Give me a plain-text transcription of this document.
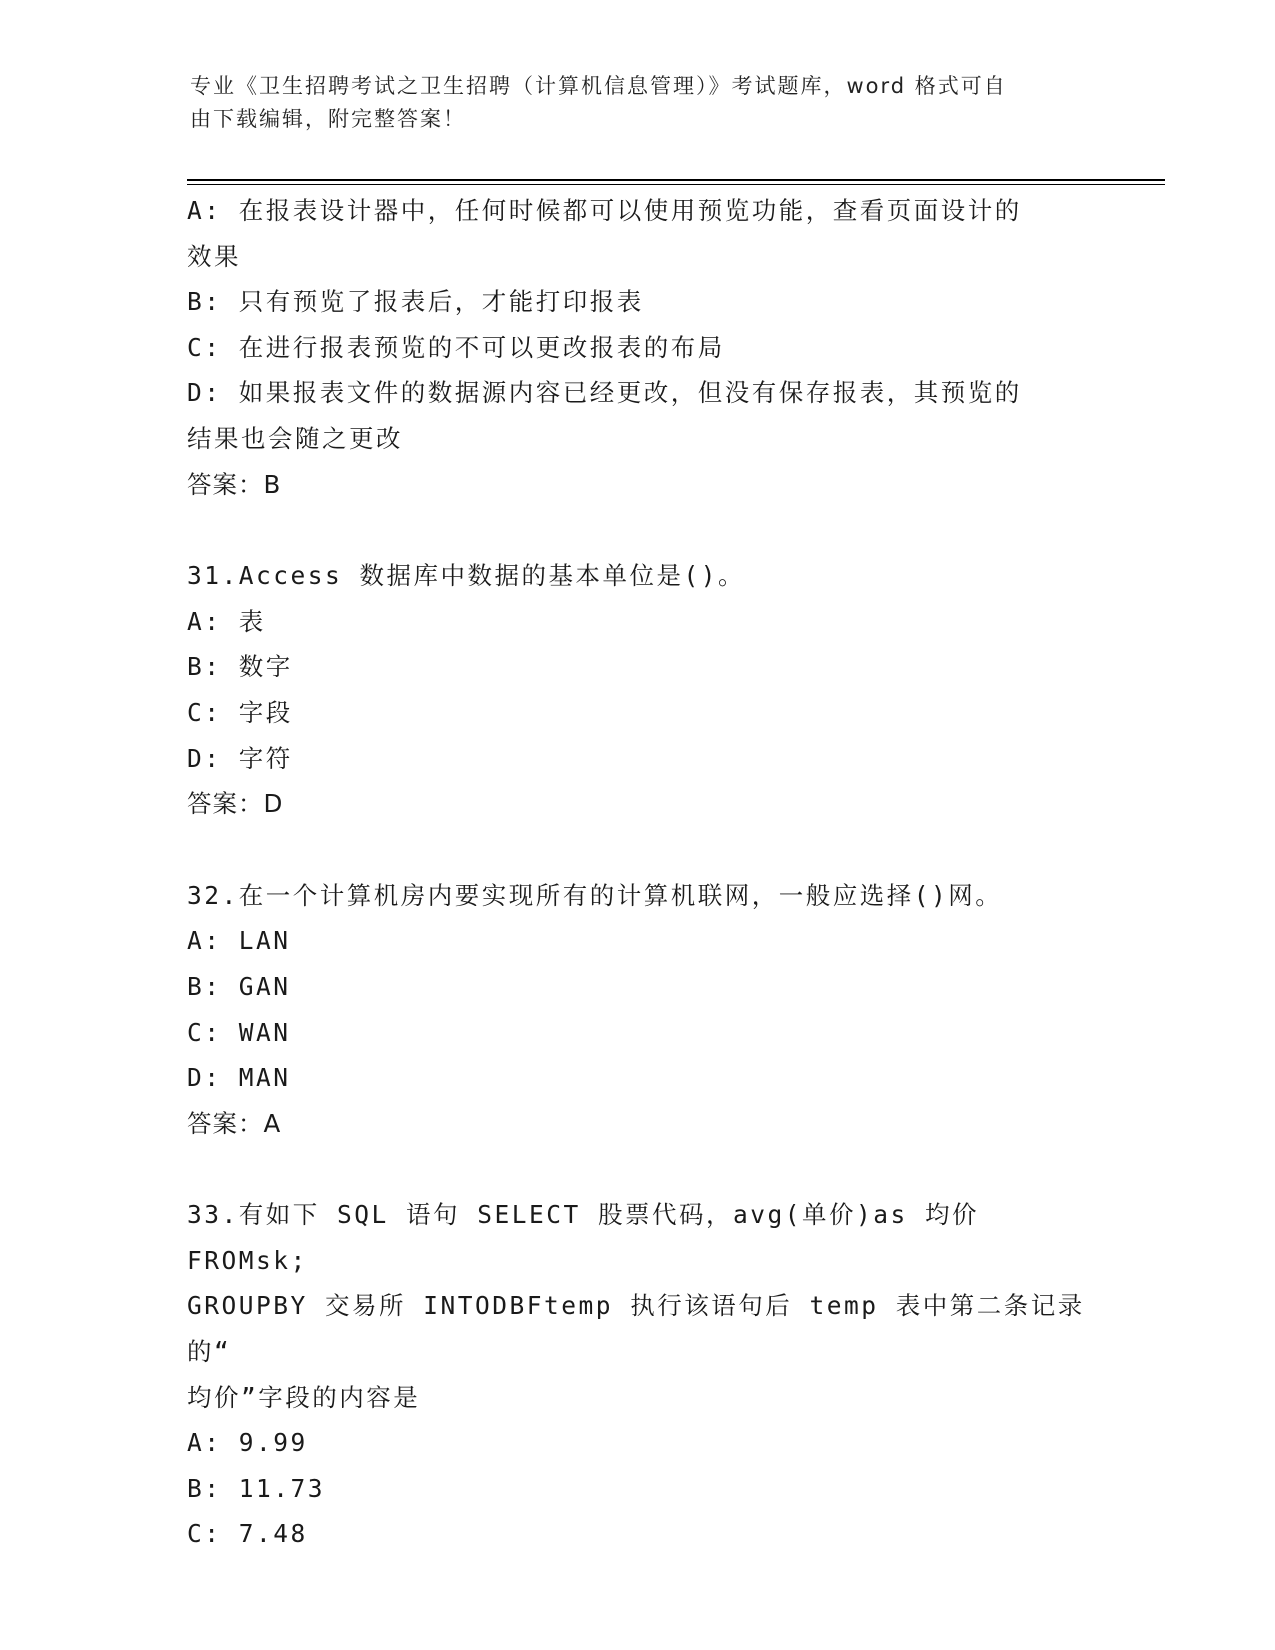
专业《卫生招聘考试之卫生招聘（计算机信息管理）》考试题库，word 格式可自
由下载编辑，附完整答案！
A: 在报表设计器中，任何时候都可以使用预览功能，查看页面设计的
效果
B: 只有预览了报表后，才能打印报表
C: 在进行报表预览的不可以更改报表的布局
D: 如果报表文件的数据源内容已经更改，但没有保存报表，其预览的
结果也会随之更改
答案：B
31.Access 数据库中数据的基本单位是()。
A: 表
B: 数字
C: 字段
D: 字符
答案：D
32.在一个计算机房内要实现所有的计算机联网，一般应选择()网。
A: LAN
B: GAN
C: WAN
D: MAN
答案：A
33.有如下 SQL 语句 SELECT 股票代码，avg(单价)as 均价 FROMsk;
GROUPBY 交易所 INTODBFtemp 执行该语句后 temp 表中第二条记录的“
均价”字段的内容是
A: 9.99
B: 11.73
C: 7.48
